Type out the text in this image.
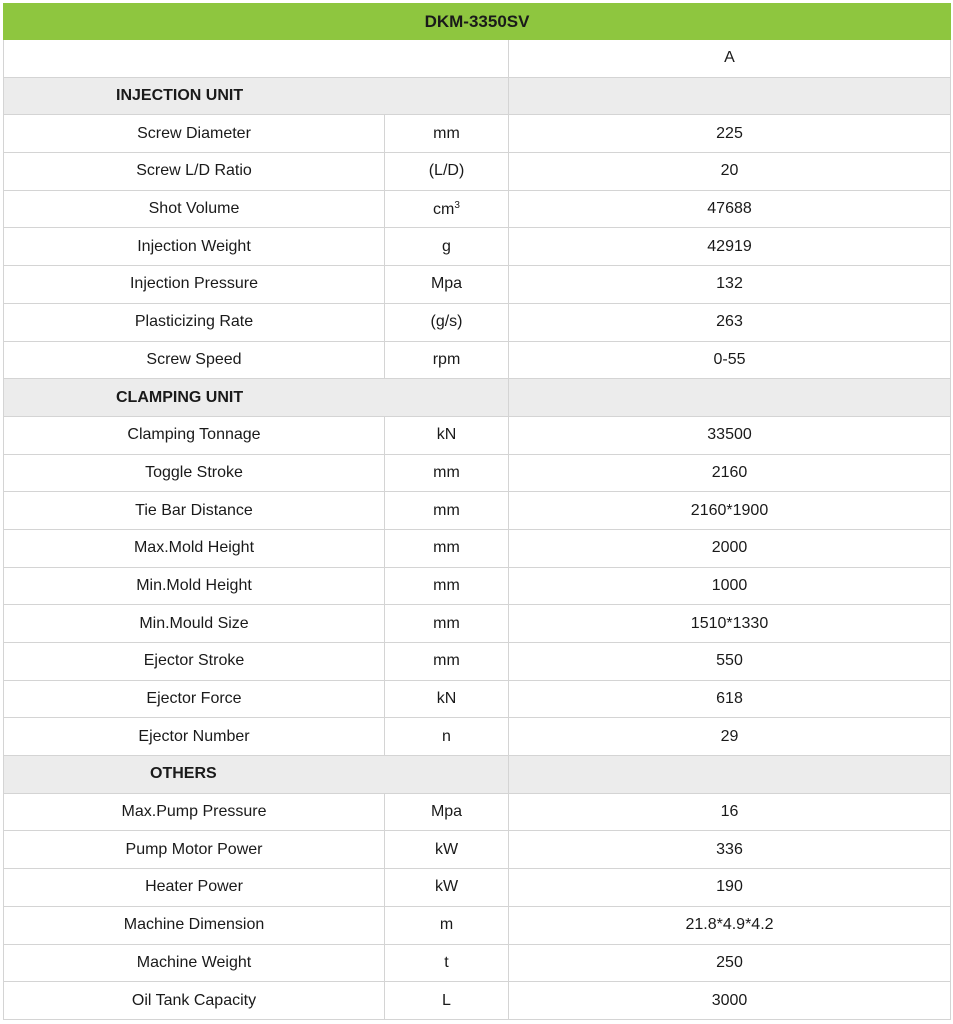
DKM-3350SV		
		A
INJECTION UNIT		
Screw Diameter	mm	225
Screw L/D Ratio	(L/D)	20
Shot Volume	$cm^3$	47688
Injection Weight	g	42919
Injection Pressure	Mpa	132
Plasticizing Rate	(g/s)	263
Screw Speed	rpm	0-55
CLAMPING UNIT		
Clamping Tonnage	kN	33500
Toggle Stroke	mm	2160
Tie Bar Distance	mm	2160*1900
Max.Mold Height	mm	2000
Min.Mold Height	mm	1000
Min.Mould Size	mm	1510*1330
Ejector Stroke	mm	550
Ejector Force	kN	618
Ejector Number	n	29
OTHERS		
Max.Pump Pressure	Mpa	16
Pump Motor Power	kW	336
Heater Power	kW	190
Machine Dimension	m	21.8*4.9*4.2
Machine Weight	t	250
Oil Tank Capacity	L	3000
